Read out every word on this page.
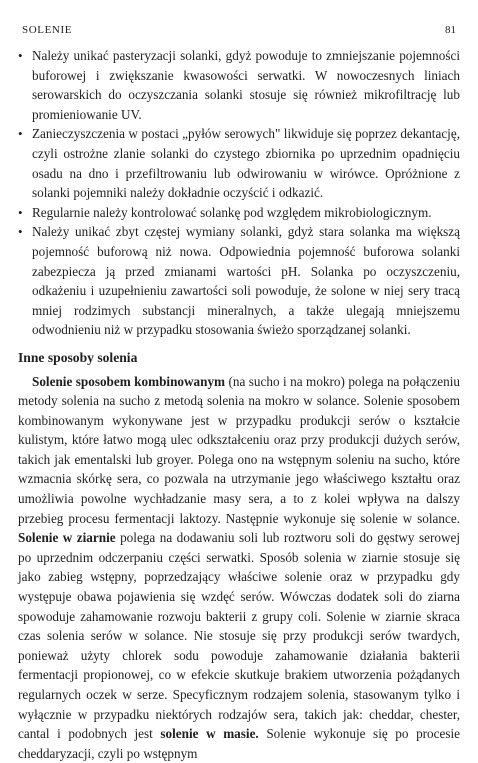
SOLENIE	81
• Należy unikać pasteryzacji solanki, gdyż powoduje to zmniejszanie pojemności buforowej i zwiększanie kwasowości serwatki. W nowoczesnych liniach serowarskich do oczyszczania solanki stosuje się również mikrofiltrację lub promieniowanie UV.
• Zanieczyszczenia w postaci „pyłów serowych" likwiduje się poprzez dekantację, czyli ostrożne zlanie solanki do czystego zbiornika po uprzednim opadnięciu osadu na dno i przefiltrowaniu lub odwirowaniu w wirówce. Opróżnione z solanki pojemniki należy dokładnie oczyścić i odkazić.
• Regularnie należy kontrolować solankę pod względem mikrobiologicznym.
• Należy unikać zbyt częstej wymiany solanki, gdyż stara solanka ma większą pojemność buforową niż nowa. Odpowiednia pojemność buforowa solanki zabezpiecza ją przed zmianami wartości pH. Solanka po oczyszczeniu, odkażeniu i uzupełnieniu zawartości soli powoduje, że solone w niej sery tracą mniej rodzimych substancji mineralnych, a także ulegają mniejszemu odwodnieniu niż w przypadku stosowania świeżo sporządzanej solanki.
Inne sposoby solenia

Solenie sposobem kombinowanym (na sucho i na mokro) polega na połączeniu metody solenia na sucho z metodą solenia na mokro w solance. Solenie sposobem kombinowanym wykonywane jest w przypadku produkcji serów o kształcie kulistym, które łatwo mogą ulec odkształceniu oraz przy produkcji dużych serów, takich jak ementalski lub groyer. Polega ono na wstępnym soleniu na sucho, które wzmacnia skórkę sera, co pozwala na utrzymanie jego właściwego kształtu oraz umożliwia powolne wychładzanie masy sera, a to z kolei wpływa na dalszy przebieg procesu fermentacji laktozy. Następnie wykonuje się solenie w solance. Solenie w ziarnie polega na dodawaniu soli lub roztworu soli do gęstwy serowej po uprzednim odczerpaniu części serwatki. Sposób solenia w ziarnie stosuje się jako zabieg wstępny, poprzedzający właściwe solenie oraz w przypadku gdy występuje obawa pojawienia się wzdęć serów. Wówczas dodatek soli do ziarna spowoduje zahamowanie rozwoju bakterii z grupy coli. Solenie w ziarnie skraca czas solenia serów w solance. Nie stosuje się przy produkcji serów twardych, ponieważ użyty chlorek sodu powoduje zahamowanie działania bakterii fermentacji propionowej, co w efekcie skutkuje brakiem utworzenia pożądanych regularnych oczek w serze. Specyficznym rodzajem solenia, stasowanym tylko i wyłącznie w przypadku niektórych rodzajów sera, takich jak: cheddar, chester, cantal i podobnych jest solenie w masie. Solenie wykonuje się po procesie cheddaryzacji, czyli po wstępnym
